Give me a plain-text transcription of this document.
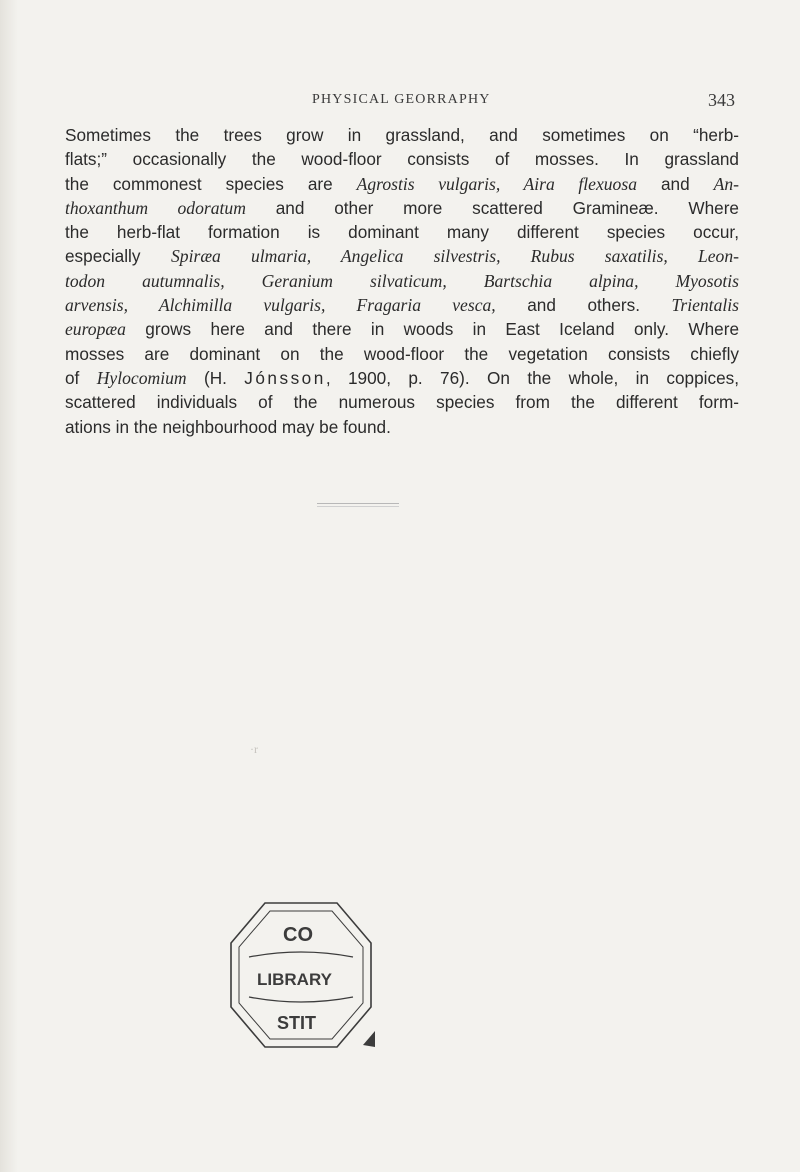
PHYSICAL GEORRAPHY	343
Sometimes the trees grow in grassland, and sometimes on “herb-
flats;” occasionally the wood-floor consists of mosses. In grassland
the commonest species are Agrostis vulgaris, Aira flexuosa and An-
thoxanthum odoratum and other more scattered Gramineæ. Where
the herb-flat formation is dominant many different species occur,
especially Spiræa ulmaria, Angelica silvestris, Rubus saxatilis, Leon-
todon autumnalis, Geranium silvaticum, Bartschia alpina, Myosotis
arvensis, Alchimilla vulgaris, Fragaria vesca, and others. Trientalis
europæa grows here and there in woods in East Iceland only. Where
mosses are dominant on the wood-floor the vegetation consists chiefly
of Hylocomium (H. Jónsson, 1900, p. 76). On the whole, in coppices,
scattered individuals of the numerous species from the different form-
ations in the neighbourhood may be found.
·r
CO
LIBRARY
STIT
